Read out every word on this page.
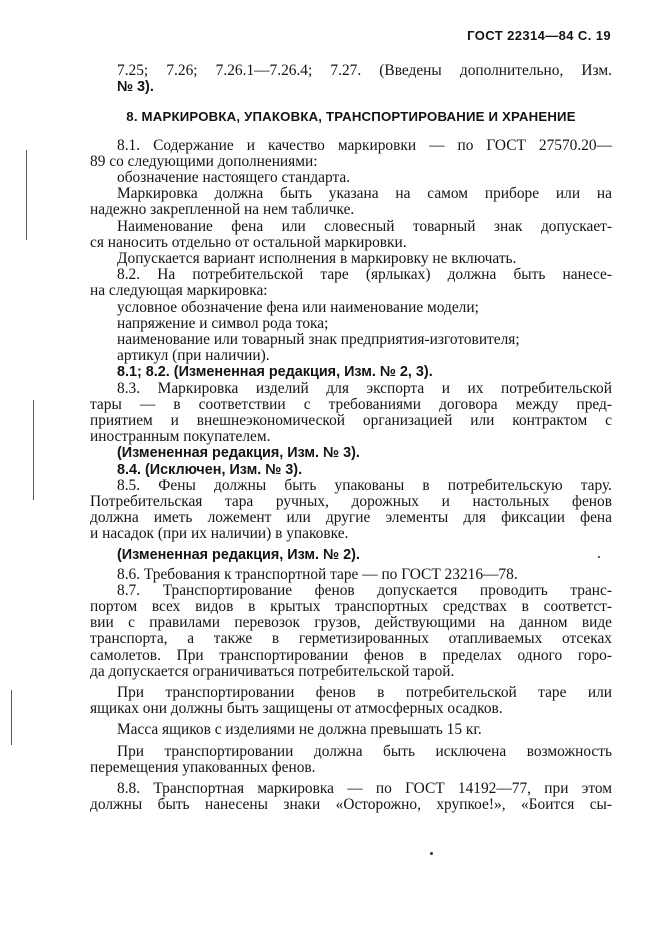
ГОСТ 22314—84 С. 19
7.25; 7.26; 7.26.1—7.26.4; 7.27. (Введены дополнительно, Изм.
№ 3).
8. МАРКИРОВКА, УПАКОВКА, ТРАНСПОРТИРОВАНИЕ И ХРАНЕНИЕ
8.1. Содержание и качество маркировки — по ГОСТ 27570.20—
89 со следующими дополнениями:
обозначение настоящего стандарта.
Маркировка должна быть указана на самом приборе или на
надежно закрепленной на нем табличке.
Наименование фена или словесный товарный знак допускает-
ся наносить отдельно от остальной маркировки.
Допускается вариант исполнения в маркировку не включать.
8.2. На потребительской таре (ярлыках) должна быть нанесе-
на следующая маркировка:
условное обозначение фена или наименование модели;
напряжение и символ рода тока;
наименование или товарный знак предприятия-изготовителя;
артикул (при наличии).
8.1; 8.2. (Измененная редакция, Изм. № 2, 3).
8.3. Маркировка изделий для экспорта и их потребительской
тары — в соответствии с требованиями договора между пред-
приятием и внешнеэкономической организацией или контрактом с
иностранным покупателем.
(Измененная редакция, Изм. № 3).
8.4. (Исключен, Изм. № 3).
8.5. Фены должны быть упакованы в потребительскую тару.
Потребительская тара ручных, дорожных и настольных фенов
должна иметь ложемент или другие элементы для фиксации фена
и насадок (при их наличии) в упаковке.
(Измененная редакция, Изм. № 2).
8.6. Требования к транспортной таре — по ГОСТ 23216—78.
8.7. Транспортирование фенов допускается проводить транс-
портом всех видов в крытых транспортных средствах в соответст-
вии с правилами перевозок грузов, действующими на данном виде
транспорта, а также в герметизированных отапливаемых отсеках
самолетов. При транспортировании фенов в пределах одного горо-
да допускается ограничиваться потребительской тарой.
При транспортировании фенов в потребительской таре или
ящиках они должны быть защищены от атмосферных осадков.
Масса ящиков с изделиями не должна превышать 15 кг.
При транспортировании должна быть исключена возможность
перемещения упакованных фенов.
8.8. Транспортная маркировка — по ГОСТ 14192—77, при этом
должны быть нанесены знаки «Осторожно, хрупкое!», «Боится сы-
